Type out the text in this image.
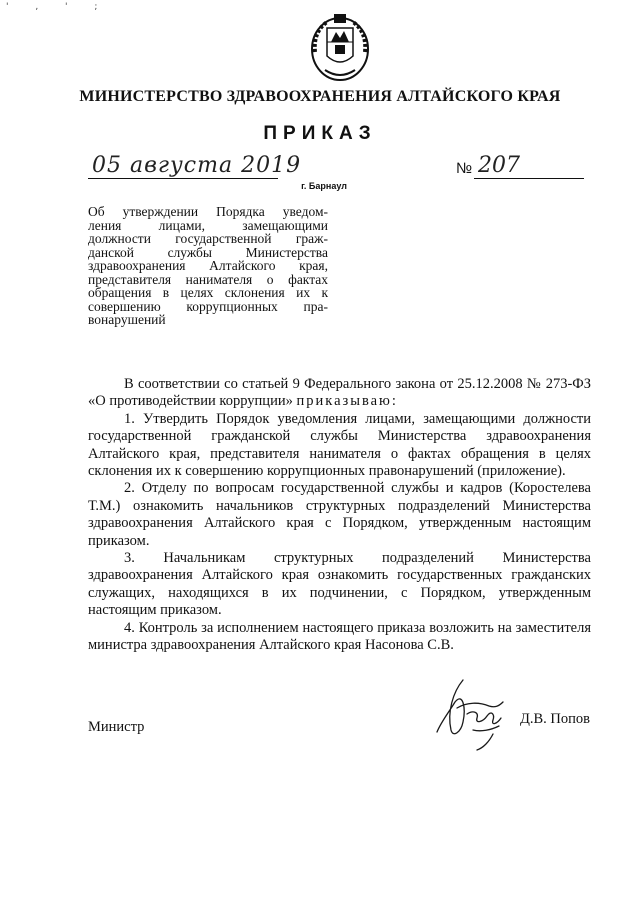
' , ' ;
МИНИСТЕРСТВО ЗДРАВООХРАНЕНИЯ АЛТАЙСКОГО КРАЯ
ПРИКАЗ
05 августа 2019	№ 207
г. Барнаул
Об утверждении Порядка уведом-
ления лицами, замещающими
должности государственной граж-
данской службы Министерства
здравоохранения Алтайского края,
представителя нанимателя о фактах
обращения в целях склонения их к
совершению коррупционных пра-
вонарушений

В соответствии со статьей 9 Федерального закона от 25.12.2008 № 273-ФЗ «О противодействии коррупции» приказываю:

1. Утвердить Порядок уведомления лицами, замещающими должности государственной гражданской службы Министерства здравоохранения Алтайского края, представителя нанимателя о фактах обращения в целях склонения их к совершению коррупционных правонарушений (приложение).

2. Отделу по вопросам государственной службы и кадров (Коростелева Т.М.) ознакомить начальников структурных подразделений Министерства здравоохранения Алтайского края с Порядком, утвержденным настоящим приказом.

3. Начальникам структурных подразделений Министерства здравоохранения Алтайского края ознакомить государственных гражданских служащих, находящихся в их подчинении, с Порядком, утвержденным настоящим приказом.

4. Контроль за исполнением настоящего приказа возложить на заместителя министра здравоохранения Алтайского края Насонова С.В.

Министр	Д.В. Попов
